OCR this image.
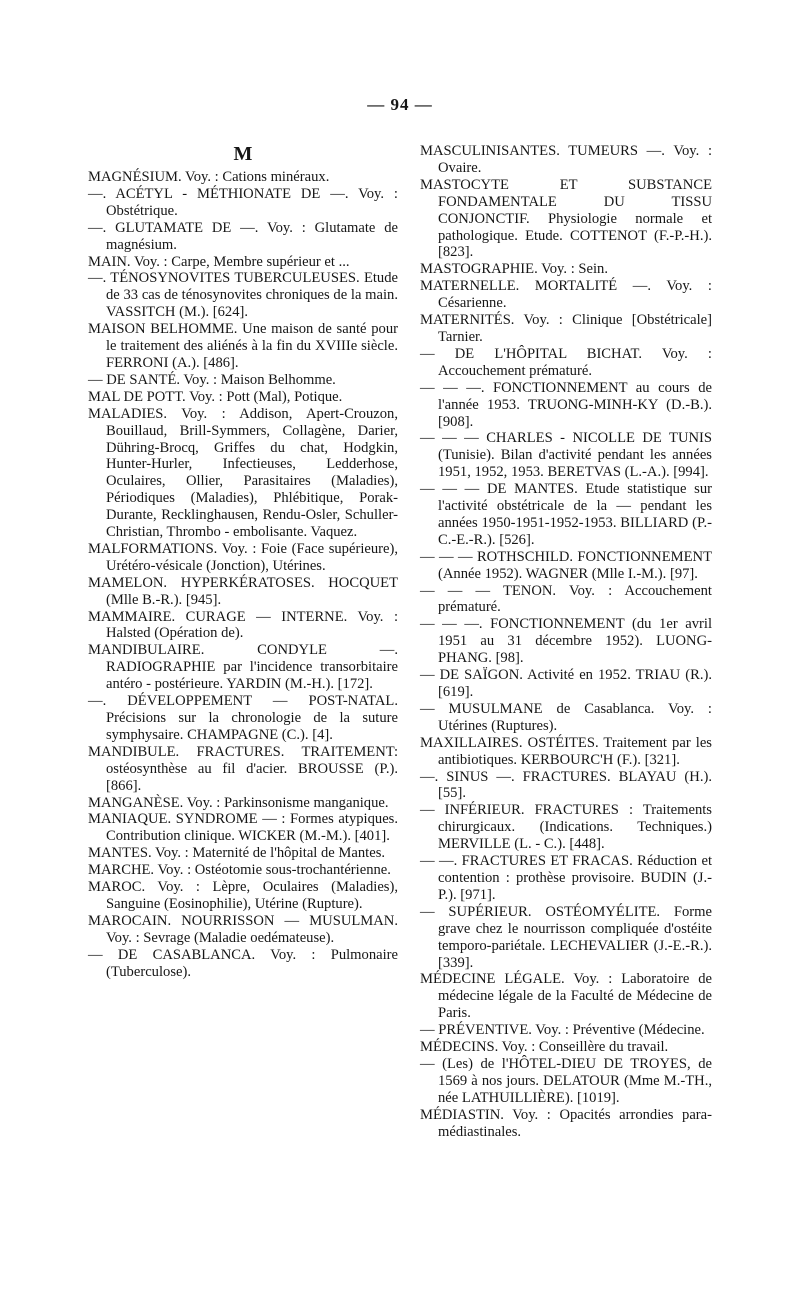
— 94 —
M

MAGNÉSIUM. Voy. : Cations minéraux.

—. ACÉTYL - MÉTHIONATE DE —. Voy. : Obstétrique.

—. GLUTAMATE DE —. Voy. : Glutamate de magnésium.

MAIN. Voy. : Carpe, Membre supérieur et ...

—. TÉNOSYNOVITES TUBERCULEUSES. Etude de 33 cas de ténosynovites chroniques de la main. VASSITCH (M.). [624].

MAISON BELHOMME. Une maison de santé pour le traitement des aliénés à la fin du XVIIIe siècle. FERRONI (A.). [486].

— DE SANTÉ. Voy. : Maison Belhomme.

MAL DE POTT. Voy. : Pott (Mal), Potique.

MALADIES. Voy. : Addison, Apert-Crouzon, Bouillaud, Brill-Symmers, Collagène, Darier, Dühring-Brocq, Griffes du chat, Hodgkin, Hunter-Hurler, Infectieuses, Ledderhose, Oculaires, Ollier, Parasitaires (Maladies), Périodiques (Maladies), Phlébitique, Porak-Durante, Recklinghausen, Rendu-Osler, Schuller-Christian, Thrombo - embolisante. Vaquez.

MALFORMATIONS. Voy. : Foie (Face supérieure), Urétéro-vésicale (Jonction), Utérines.

MAMELON. HYPERKÉRATOSES. HOCQUET (Mlle B.-R.). [945].

MAMMAIRE. CURAGE — INTERNE. Voy. : Halsted (Opération de).

MANDIBULAIRE. CONDYLE —. RADIOGRAPHIE par l'incidence transorbitaire antéro - postérieure. YARDIN (M.-H.). [172].

—. DÉVELOPPEMENT — POST-NATAL. Précisions sur la chronologie de la suture symphysaire. CHAMPAGNE (C.). [4].

MANDIBULE. FRACTURES. TRAITEMENT: ostéosynthèse au fil d'acier. BROUSSE (P.). [866].

MANGANÈSE. Voy. : Parkinsonisme manganique.

MANIAQUE. SYNDROME — : Formes atypiques. Contribution clinique. WICKER (M.-M.). [401].

MANTES. Voy. : Maternité de l'hôpital de Mantes.

MARCHE. Voy. : Ostéotomie sous-trochantérienne.

MAROC. Voy. : Lèpre, Oculaires (Maladies), Sanguine (Eosinophilie), Utérine (Rupture).

MAROCAIN. NOURRISSON — MUSULMAN. Voy. : Sevrage (Maladie oedémateuse).

— DE CASABLANCA. Voy. : Pulmonaire (Tuberculose).

MASCULINISANTES. TUMEURS —. Voy. : Ovaire.

MASTOCYTE ET SUBSTANCE FONDAMENTALE DU TISSU CONJONCTIF. Physiologie normale et pathologique. Etude. COTTENOT (F.-P.-H.). [823].

MASTOGRAPHIE. Voy. : Sein.

MATERNELLE. MORTALITÉ —. Voy. : Césarienne.

MATERNITÉS. Voy. : Clinique [Obstétricale] Tarnier.

— DE L'HÔPITAL BICHAT. Voy. : Accouchement prématuré.

— — —. FONCTIONNEMENT au cours de l'année 1953. TRUONG-MINH-KY (D.-B.). [908].

— — — CHARLES - NICOLLE DE TUNIS (Tunisie). Bilan d'activité pendant les années 1951, 1952, 1953. BERETVAS (L.-A.). [994].

— — — DE MANTES. Etude statistique sur l'activité obstétricale de la — pendant les années 1950-1951-1952-1953. BILLIARD (P.-C.-E.-R.). [526].

— — — ROTHSCHILD. FONCTIONNEMENT (Année 1952). WAGNER (Mlle I.-M.). [97].

— — — TENON. Voy. : Accouchement prématuré.

— — —. FONCTIONNEMENT (du 1er avril 1951 au 31 décembre 1952). LUONG-PHANG. [98].

— DE SAÏGON. Activité en 1952. TRIAU (R.). [619].

— MUSULMANE de Casablanca. Voy. : Utérines (Ruptures).

MAXILLAIRES. OSTÉITES. Traitement par les antibiotiques. KERBOURC'H (F.). [321].

—. SINUS —. FRACTURES. BLAYAU (H.). [55].

— INFÉRIEUR. FRACTURES : Traitements chirurgicaux. (Indications. Techniques.) MERVILLE (L. - C.). [448].

— —. FRACTURES ET FRACAS. Réduction et contention : prothèse provisoire. BUDIN (J.-P.). [971].

— SUPÉRIEUR. OSTÉOMYÉLITE. Forme grave chez le nourrisson compliquée d'ostéite temporo-pariétale. LECHEVALIER (J.-E.-R.). [339].

MÉDECINE LÉGALE. Voy. : Laboratoire de médecine légale de la Faculté de Médecine de Paris.

— PRÉVENTIVE. Voy. : Préventive (Médecine.

MÉDECINS. Voy. : Conseillère du travail.

— (Les) de l'HÔTEL-DIEU DE TROYES, de 1569 à nos jours. DELATOUR (Mme M.-TH., née LATHUILLIÈRE). [1019].

MÉDIASTIN. Voy. : Opacités arrondies para-médiastinales.
